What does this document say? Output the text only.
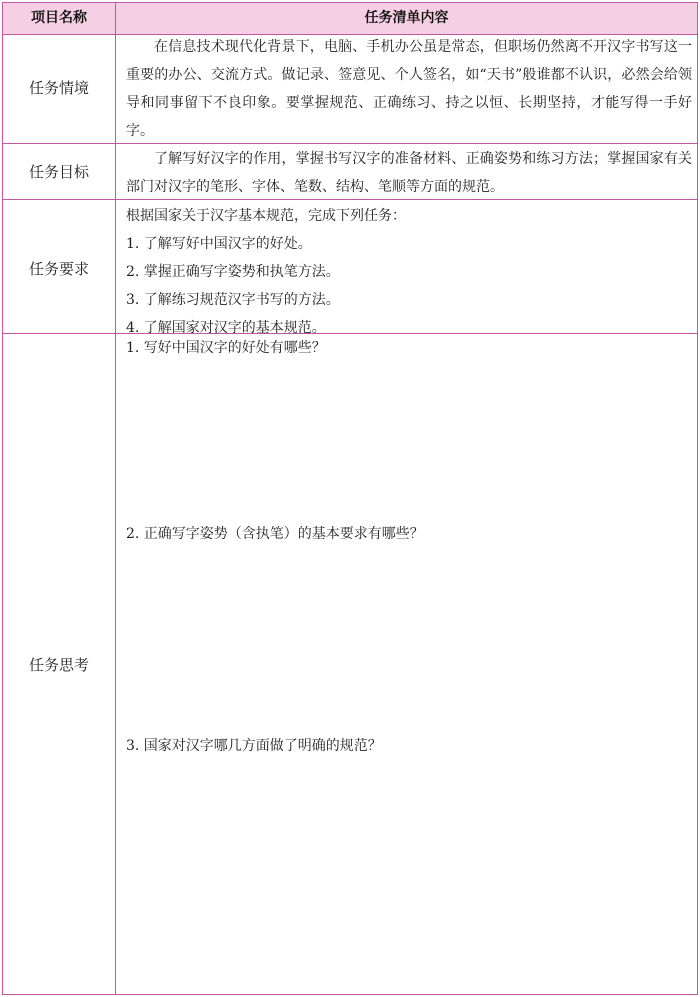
项目名称	任务清单内容
任务情境

在信息技术现代化背景下，电脑、手机办公虽是常态，但职场仍然离不开汉字书写这一重要的办公、交流方式。做记录、签意见、个人签名，如“天书”般谁都不认识，必然会给领导和同事留下不良印象。要掌握规范、正确练习、持之以恒、长期坚持，才能写得一手好字。

任务目标

了解写好汉字的作用，掌握书写汉字的准备材料、正确姿势和练习方法；掌握国家有关部门对汉字的笔形、字体、笔数、结构、笔顺等方面的规范。

任务要求

根据国家关于汉字基本规范，完成下列任务：

1. 了解写好中国汉字的好处。

2. 掌握正确写字姿势和执笔方法。

3. 了解练习规范汉字书写的方法。

4. 了解国家对汉字的基本规范。

任务思考
1. 写好中国汉字的好处有哪些？
2. 正确写字姿势（含执笔）的基本要求有哪些？
3. 国家对汉字哪几方面做了明确的规范？
